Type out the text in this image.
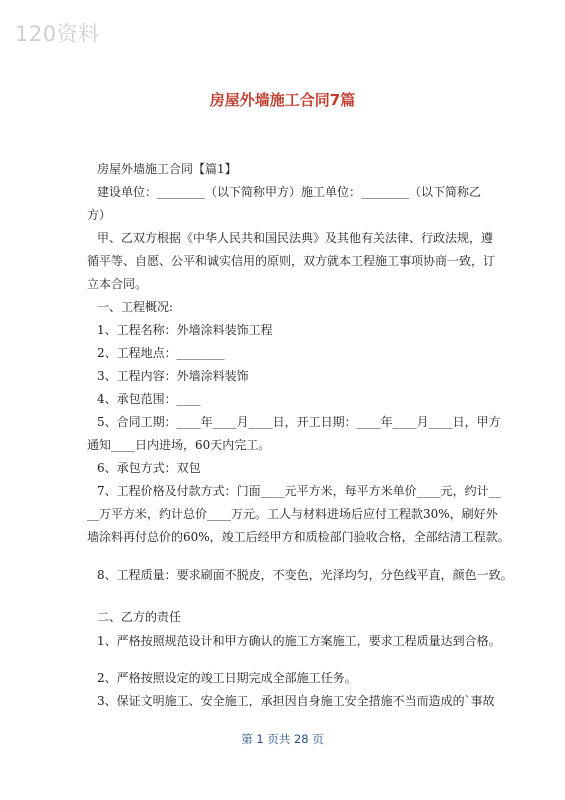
120资料
房屋外墙施工合同7篇
房屋外墙施工合同【篇1】
建设单位：________（以下简称甲方）施工单位：________（以下简称乙
方）
甲、乙双方根据《中华人民共和国民法典》及其他有关法律、行政法规，遵
循平等、自愿、公平和诚实信用的原则，双方就本工程施工事项协商一致，订
立本合同。
一、工程概况:
1、工程名称：外墙涂料装饰工程
2、工程地点：________
3、工程内容：外墙涂料装饰
4、承包范围：____
5、合同工期：____年____月____日，开工日期：____年____月____日，甲方
通知____日内进场，60天内完工。
6、承包方式：双包
7、工程价格及付款方式：门面____元平方米，每平方米单价____元，约计__
__万平方米，约计总价____万元。工人与材料进场后应付工程款30%，刷好外
墙涂料再付总价的60%，竣工后经甲方和质检部门验收合格，全部结清工程款。
8、工程质量：要求刷面不脱皮，不变色，光泽均匀，分色线平直，颜色一致。
二、乙方的责任
1、严格按照规范设计和甲方确认的施工方案施工，要求工程质量达到合格。
2、严格按照设定的竣工日期完成全部施工任务。
3、保证文明施工、安全施工，承担因自身施工安全措施不当而造成的`事故
第 1 页共 28 页
